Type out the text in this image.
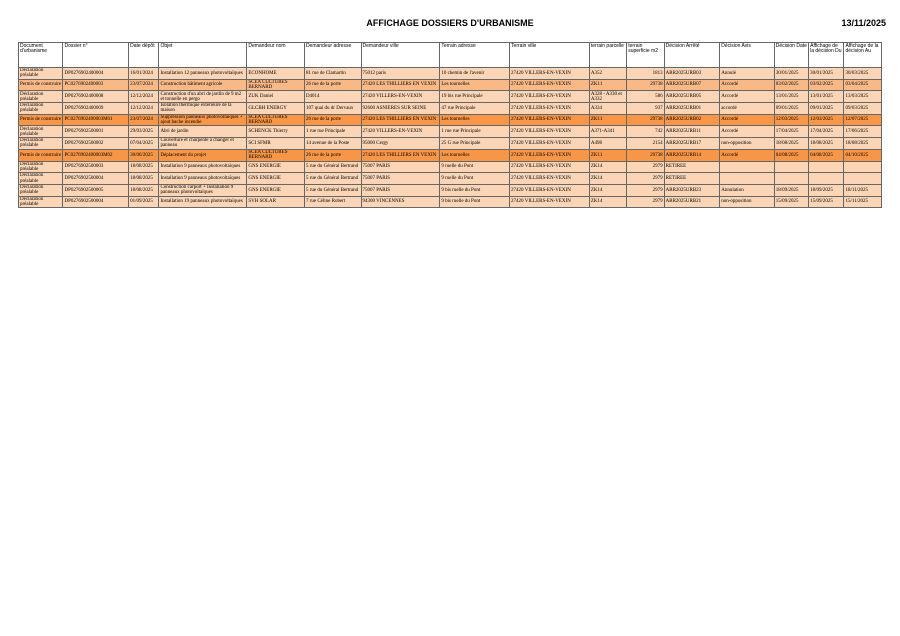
AFFICHAGE DOSSIERS D'URBANISME	13/11/2025
Document d'urbanisme	Dossier n°	Date dépôt	Objet	Demandeur nom	Demandeur adresse	Demandeur ville	Terrain adresse	Terrain ville	terrain parcelle	terrain superficie m2	Décision Arrêté	Décision Avis	Décision Date	Affichage de la décision Du	Affichage de la décision Au
Déclaration préalable	DP0276902400004	16/01/2024	Installation 12 panneaux photovoltaïques	ECONHOME	81 rue de Clamartin	75012 paris	10 chemin de l'avenir	27420 VILLERS-EN-VEXIN	A352	1813	ARR2025URB03	Annulé	30/01/2025	30/01/2025	30/03/2025
Permis de construire	PC0276902400003	23/07/2024	Construction bâtiment agricole	SCEA CULTURES BERNARD	26 rue de la porte	27420 LES THILLIERS EN VEXIN	Les tournelles	27420 VILLERS-EN-VEXIN	ZK11	29738	ARR2025URB07	Accordé	03/02/2025	03/02/2025	03/04/2025
Déclaration préalable	DP0276902400008	12/12/2024	Construction d'un abri de jardin de 9 m2 et tonnelle en pergo	ZUK Daniel	D4014	27420 VILLERS-EN-VEXIN	19 bis rue Principale	27420 VILLERS-EN-VEXIN	A328 - A330 et A332	586	ARR2025URB05	Accordé	13/01/2025	13/01/2025	13/03/2025
Déclaration préalable	DP0276902400009	12/12/2024	Isolation thermique extérieure de la maison	GLCBH ENERGY	107 quai du dr Dervaux	92600 ASNIERES SUR SEINE	47 rue Principale	27420 VILLERS-EN-VEXIN	A334	937	ARR2025URB01	accordé	09/01/2025	09/01/2025	09/03/2025
Permis de construire	PC0276902400003M01	23/07/2024	Suppression panneaux photovoltaïques + ajout bache incendie	SCEA CULTURES BERNARD	26 rue de la porte	27420 LES THILLIERS EN VEXIN	Les tournelles	27420 VILLERS-EN-VEXIN	ZK11	29738	ARR2025URB02	Accordé	12/03/2025	12/03/2025	12/07/2025
Déclaration préalable	DP0276902500001	29/03/2025	Abri de jardin	SCHENCK Thierry	1 rue rue Principale	27420 VILLERS-EN-VEXIN	1 rue rue Principale	27420 VILLERS-EN-VEXIN	A371-A341	742	ARR2025URB11	Accordé	17/04/2025	17/04/2025	17/06/2025
Déclaration préalable	DP0276902500002	07/04/2025	Couverture et charpente à changer et panneau	SCI SFMR	14 avenue de la Poste	95000 Cergy	25 G rue Principale	27420 VILLERS-EN-VEXIN	A498	2154	ARR2025URB17	non-opposition	18/08/2025	18/08/2025	18/08/2025
Permis de construire	PC0276902400003M02	30/06/2025	Déplacement du projet	SCEA CULTURES BERNARD	26 rue de la porte	27420 LES THILLIERS EN VEXIN	Les tournelles	27420 VILLERS-EN-VEXIN	ZK11	29738	ARR2025URB14	Accordé	04/08/2025	04/08/2025	04/10/2025
Déclaration préalable	DP0276902500003	18/08/2025	Installation 9 panneaux photovoltaïques	GNS ENERGIE	5 rue du Général Bertrand	75007 PARIS	9 ruelle du Pont	27420 VILLERS-EN-VEXIN	ZK14	2979	RETIREE				
Déclaration préalable	DP0276902500004	18/08/2025	Installation 9 panneaux photovoltaïques	GNS ENERGIE	5 rue du Général Bertrand	75007 PARIS	9 ruelle du Pont	27420 VILLERS-EN-VEXIN	ZK14	2979	RETIREE				
Déclaration préalable	DP0276902500005	18/08/2025	Construction carport + Installation 9 panneaux photovoltaïques	GNS ENERGIE	5 rue du Général Bertrand	75007 PARIS	9 bis ruelle du Pont	27420 VILLERS-EN-VEXIN	ZK14	2979	ARR2025URB23	Annulation	18/09/2025	18/09/2025	18/11/2025
Déclaration préalable	DP0276902500004	01/09/2025	Installation 19 panneaux photovoltaïques	SVH SOLAR	7 rue Céline Robert	94300 VINCENNES	9 bis ruelle du Pont	27420 VILLERS-EN-VEXIN	ZK14	2979	ARR2025URB21	non-opposition	15/09/2025	15/09/2025	15/11/2025
